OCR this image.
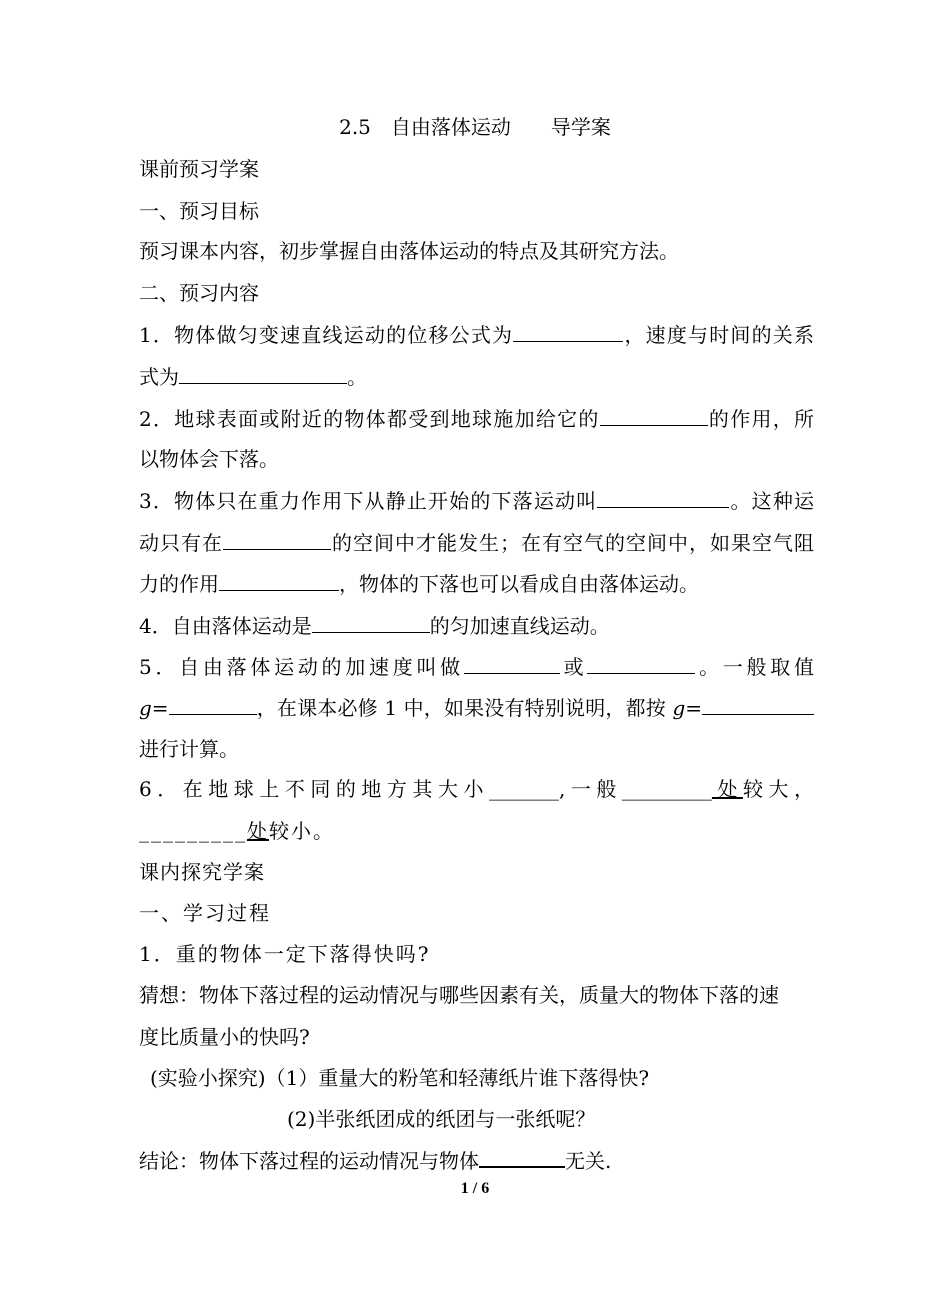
2.5　自由落体运动　　导学案
课前预习学案
一、预习目标
预习课本内容，初步掌握自由落体运动的特点及其研究方法。
二、预习内容
1．物体做匀变速直线运动的位移公式为	，速度与时间的关系
式为	。
2．地球表面或附近的物体都受到地球施加给它的	的作用，所
以物体会下落。
3．物体只在重力作用下从静止开始的下落运动叫	。这种运
动只有在	的空间中才能发生；在有空气的空间中，如果空气阻
力的作用	，物体的下落也可以看成自由落体运动。
4．自由落体运动是	的匀加速直线运动。
5．自由落体运动的加速度叫做	或	。一般取值
g=	，在课本必修 1 中，如果没有特别说明，都按 g=
进行计算。
6．在地球上不同的地方其大小_______,一般_________处较大，
_________处较小。
课内探究学案
一、学习过程
1．重的物体一定下落得快吗?
猜想：物体下落过程的运动情况与哪些因素有关，质量大的物体下落的速
度比质量小的快吗?
(实验小探究)（1）重量大的粉笔和轻薄纸片谁下落得快?
(2)半张纸团成的纸团与一张纸呢？
结论：物体下落过程的运动情况与物体	无关.
1 / 6
